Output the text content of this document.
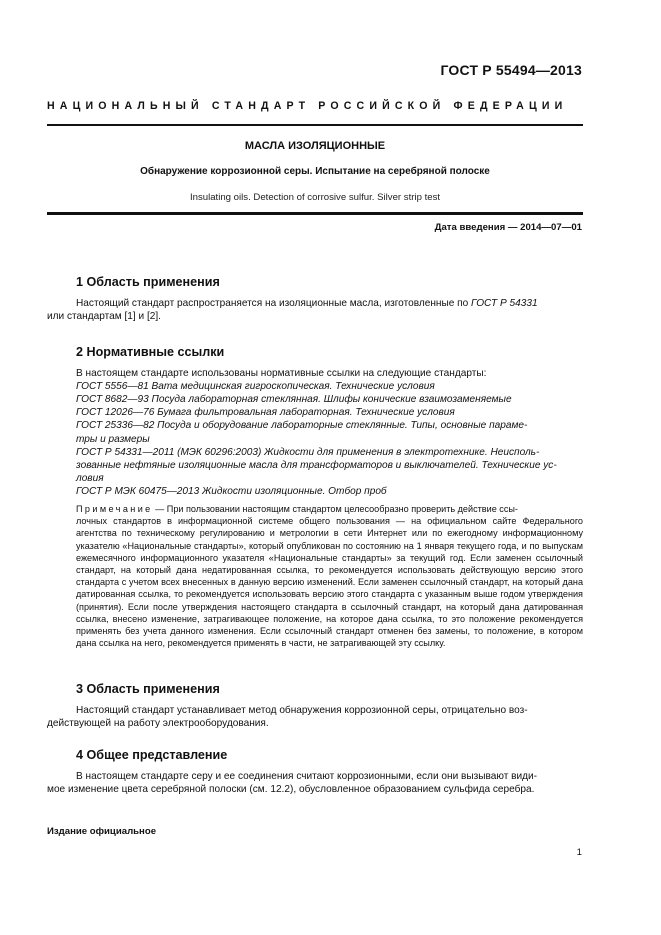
ГОСТ Р 55494—2013
НАЦИОНАЛЬНЫЙ СТАНДАРТ РОССИЙСКОЙ ФЕДЕРАЦИИ
МАСЛА ИЗОЛЯЦИОННЫЕ
Обнаружение коррозионной серы. Испытание на серебряной полоске
Insulating oils. Detection of corrosive sulfur. Silver strip test
Дата введения — 2014—07—01
1 Область применения

Настоящий стандарт распространяется на изоляционные масла, изготовленные по ГОСТ Р 54331

или стандартам [1] и [2].

2 Нормативные ссылки

В настоящем стандарте использованы нормативные ссылки на следующие стандарты:

ГОСТ 5556—81 Вата медицинская гигроскопическая. Технические условия

ГОСТ 8682—93 Посуда лабораторная стеклянная. Шлифы конические взаимозаменяемые

ГОСТ 12026—76 Бумага фильтровальная лабораторная. Технические условия

ГОСТ 25336—82 Посуда и оборудование лабораторные стеклянные. Типы, основные параме-

тры и размеры

ГОСТ Р 54331—2011 (МЭК 60296:2003) Жидкости для применения в электротехнике. Неисполь-

зованные нефтяные изоляционные масла для трансформаторов и выключателей. Технические ус-

ловия

ГОСТ Р МЭК 60475—2013 Жидкости изоляционные. Отбор проб

Примечание — При пользовании настоящим стандартом целесообразно проверить действие ссы-

лочных стандартов в информационной системе общего пользования — на официальном сайте Федерального агентства по техническому регулированию и метрологии в сети Интернет или по ежегодному информационному указателю «Национальные стандарты», который опубликован по состоянию на 1 января текущего года, и по выпускам ежемесячного информационного указателя «Национальные стандарты» за текущий год. Если заменен ссылочный стандарт, на который дана недатированная ссылка, то рекомендуется использовать действующую версию этого стандарта с учетом всех внесенных в данную версию изменений. Если заменен ссылочный стандарт, на который дана датированная ссылка, то рекомендуется использовать версию этого стандарта с указанным выше годом утверждения (принятия). Если после утверждения настоящего стандарта в ссылочный стандарт, на который дана датированная ссылка, внесено изменение, затрагивающее положение, на которое дана ссылка, то это положение рекомендуется применять без учета данного изменения. Если ссылочный стандарт отменен без замены, то положение, в котором дана ссылка на него, рекомендуется применять в части, не затрагивающей эту ссылку.

3 Область применения

Настоящий стандарт устанавливает метод обнаружения коррозионной серы, отрицательно воз-

действующей на работу электрооборудования.

4 Общее представление

В настоящем стандарте серу и ее соединения считают коррозионными, если они вызывают види-

мое изменение цвета серебряной полоски (см. 12.2), обусловленное образованием сульфида серебра.

Издание официальное
1
